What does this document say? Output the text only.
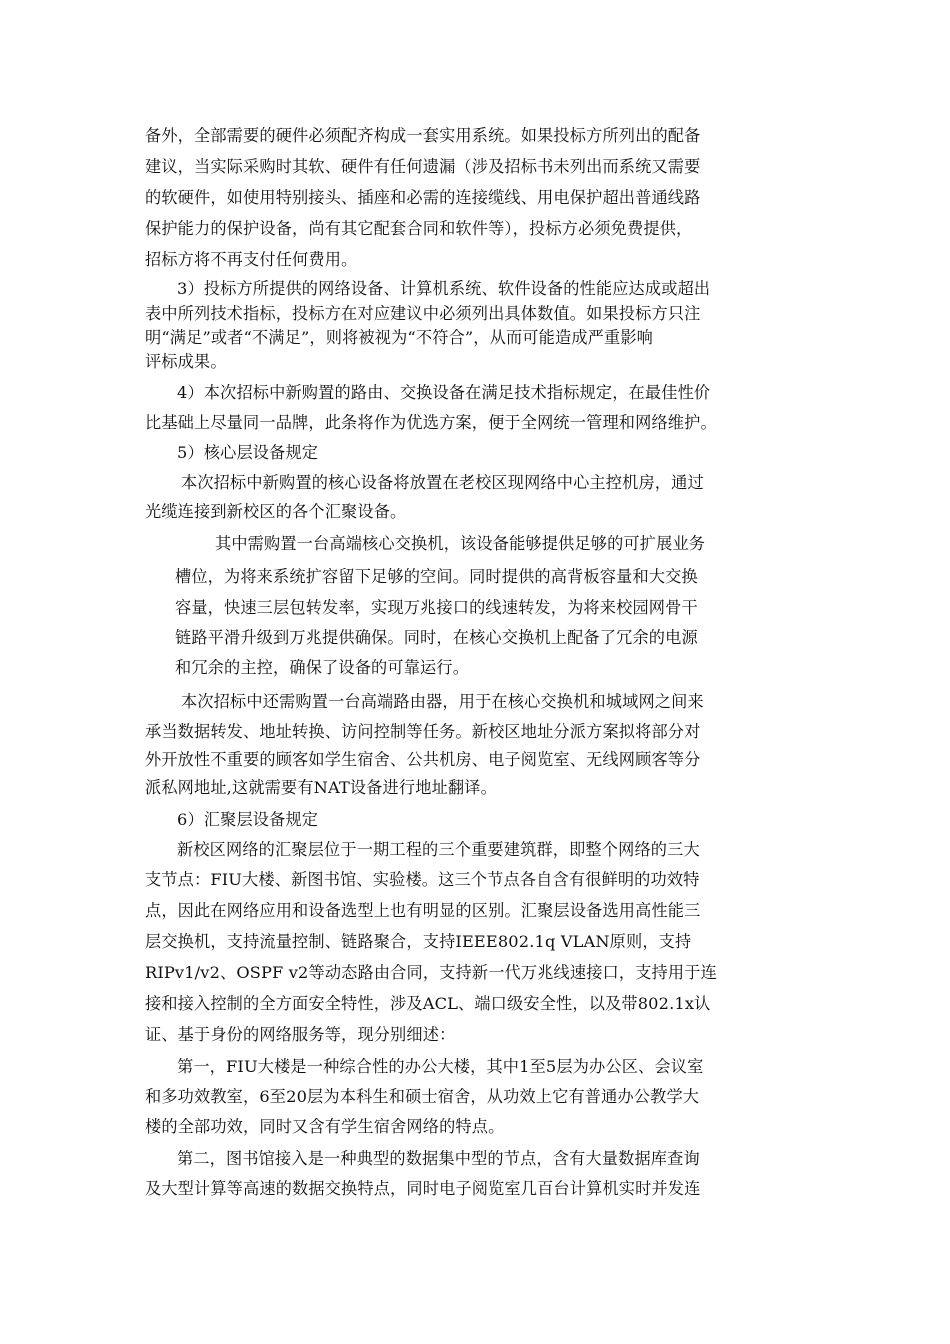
备外，全部需要的硬件必须配齐构成一套实用系统。如果投标方所列出的配备
建议，当实际采购时其软、硬件有任何遗漏（涉及招标书未列出而系统又需要
的软硬件，如使用特别接头、插座和必需的连接缆线、用电保护超出普通线路
保护能力的保护设备，尚有其它配套合同和软件等），投标方必须免费提供，
招标方将不再支付任何费用。
3）投标方所提供的网络设备、计算机系统、软件设备的性能应达成或超出
表中所列技术指标，投标方在对应建议中必须列出具体数值。如果投标方只注
明“满足”或者“不满足”，则将被视为“不符合”，从而可能造成严重影响
评标成果。
4）本次招标中新购置的路由、交换设备在满足技术指标规定，在最佳性价
比基础上尽量同一品牌，此条将作为优选方案，便于全网统一管理和网络维护。
5）核心层设备规定
本次招标中新购置的核心设备将放置在老校区现网络中心主控机房，通过
光缆连接到新校区的各个汇聚设备。
其中需购置一台高端核心交换机，该设备能够提供足够的可扩展业务
槽位，为将来系统扩容留下足够的空间。同时提供的高背板容量和大交换
容量，快速三层包转发率，实现万兆接口的线速转发，为将来校园网骨干
链路平滑升级到万兆提供确保。同时，在核心交换机上配备了冗余的电源
和冗余的主控，确保了设备的可靠运行。
本次招标中还需购置一台高端路由器，用于在核心交换机和城域网之间来
承当数据转发、地址转换、访问控制等任务。新校区地址分派方案拟将部分对
外开放性不重要的顾客如学生宿舍、公共机房、电子阅览室、无线网顾客等分
派私网地址,这就需要有NAT设备进行地址翻译。
6）汇聚层设备规定
新校区网络的汇聚层位于一期工程的三个重要建筑群，即整个网络的三大
支节点：FIU大楼、新图书馆、实验楼。这三个节点各自含有很鲜明的功效特
点，因此在网络应用和设备选型上也有明显的区别。汇聚层设备选用高性能三
层交换机，支持流量控制、链路聚合，支持IEEE802.1q VLAN原则，支持
RIPv1/v2、OSPF v2等动态路由合同，支持新一代万兆线速接口，支持用于连
接和接入控制的全方面安全特性，涉及ACL、端口级安全性，以及带802.1x认
证、基于身份的网络服务等，现分别细述：
第一，FIU大楼是一种综合性的办公大楼，其中1至5层为办公区、会议室
和多功效教室，6至20层为本科生和硕士宿舍，从功效上它有普通办公教学大
楼的全部功效，同时又含有学生宿舍网络的特点。
第二，图书馆接入是一种典型的数据集中型的节点，含有大量数据库查询
及大型计算等高速的数据交换特点，同时电子阅览室几百台计算机实时并发连
